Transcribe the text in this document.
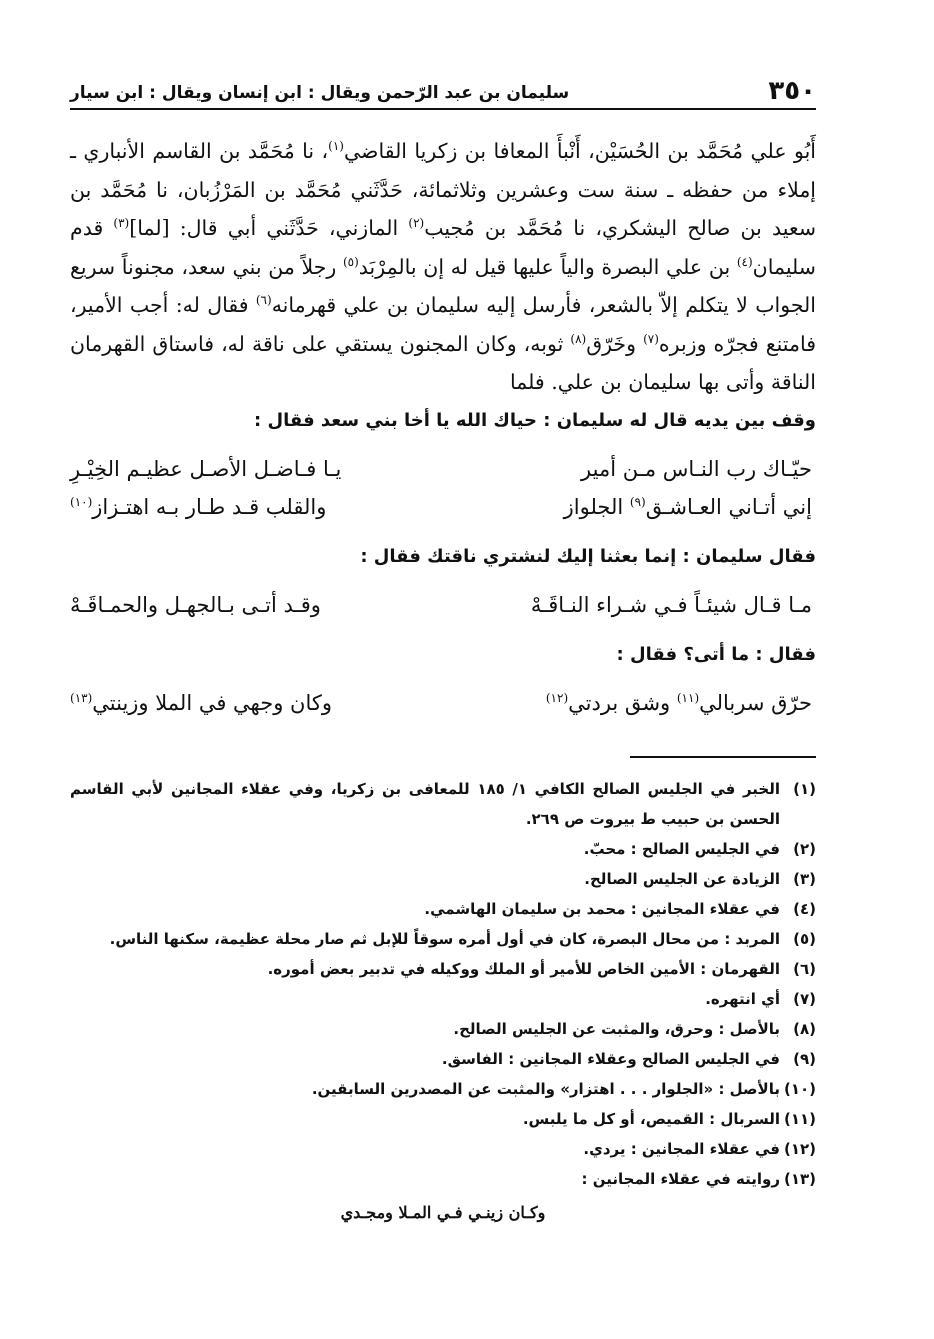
٣٥٠
سليمان بن عبد الرّحمن ويقال : ابن إنسان ويقال : ابن سيار

أَبُو علي مُحَمَّد بن الحُسَيْن، أَنْبأَ المعافا بن زكريا القاضي$^{(١)}$، نا مُحَمَّد بن القاسم الأنباري ـ إملاء من حفظه ـ سنة ست وعشرين وثلاثمائة، حَدَّثَني مُحَمَّد بن المَرْزُبان، نا مُحَمَّد بن سعيد بن صالح اليشكري، نا مُحَمَّد بن مُجيب$^{(٢)}$ المازني، حَدَّثَني أبي قال: [لما]$^{(٣)}$ قدم سليمان$^{(٤)}$ بن علي البصرة والياً عليها قيل له إن بالمِرْبَد$^{(٥)}$ رجلاً من بني سعد، مجنوناً سريع الجواب لا يتكلم إلاّ بالشعر، فأرسل إليه سليمان بن علي قهرمانه$^{(٦)}$ فقال له: أجب الأمير، فامتنع فجرّه وزبره$^{(٧)}$ وخَرّق$^{(٨)}$ ثوبه، وكان المجنون يستقي على ناقة له، فاستاق القهرمان الناقة وأتى بها سليمان بن علي. فلما

وقف بين يديه قال له سليمان : حياك الله يا أخا بني سعد فقال :

حيّـاك رب النـاس مـن أمير
يـا فـاضـل الأصـل عظيـم الخِيْـرِ
إني أتـاني العـاشـق$^{(٩)}$ الجلواز
والقلب قـد طـار بـه اهتـزاز$^{(١٠)}$

فقال سليمان : إنما بعثنا إليك لنشتري ناقتك فقال :

مـا قـال شيئـاً فـي شـراء النـاقَـهْ
وقـد أتـى بـالجهـل والحمـاقَـهْ

فقال : ما أتى؟ فقال :

حرّق سربالي$^{(١١)}$ وشق بردتي$^{(١٢)}$
وكان وجهي في الملا وزينتي$^{(١٣)}$
(١)
الخبر في الجليس الصالح الكافي ١/ ١٨٥ للمعافى بن زكريا، وفي عقلاء المجانين لأبي القاسم الحسن بن حبيب ط بيروت ص ٢٦٩.
(٢)
في الجليس الصالح : محبّ.
(٣)
الزيادة عن الجليس الصالح.
(٤)
في عقلاء المجانين : محمد بن سليمان الهاشمي.
(٥)
المربد : من محال البصرة، كان في أول أمره سوقاً للإبل ثم صار محلة عظيمة، سكنها الناس.
(٦)
القهرمان : الأمين الخاص للأمير أو الملك ووكيله في تدبير بعض أموره.
(٧)
أي انتهره.
(٨)
بالأصل : وحرق، والمثبت عن الجليس الصالح.
(٩)
في الجليس الصالح وعقلاء المجانين : الفاسق.
(١٠)
بالأصل : «الجلوار . . . اهتزار» والمثبت عن المصدرين السابقين.
(١١)
السربال : القميص، أو كل ما يلبس.
(١٢)
في عقلاء المجانين : يردي.
(١٣)
روايته في عقلاء المجانين :
وكـان زينـي فـي المـلا ومجـدي
